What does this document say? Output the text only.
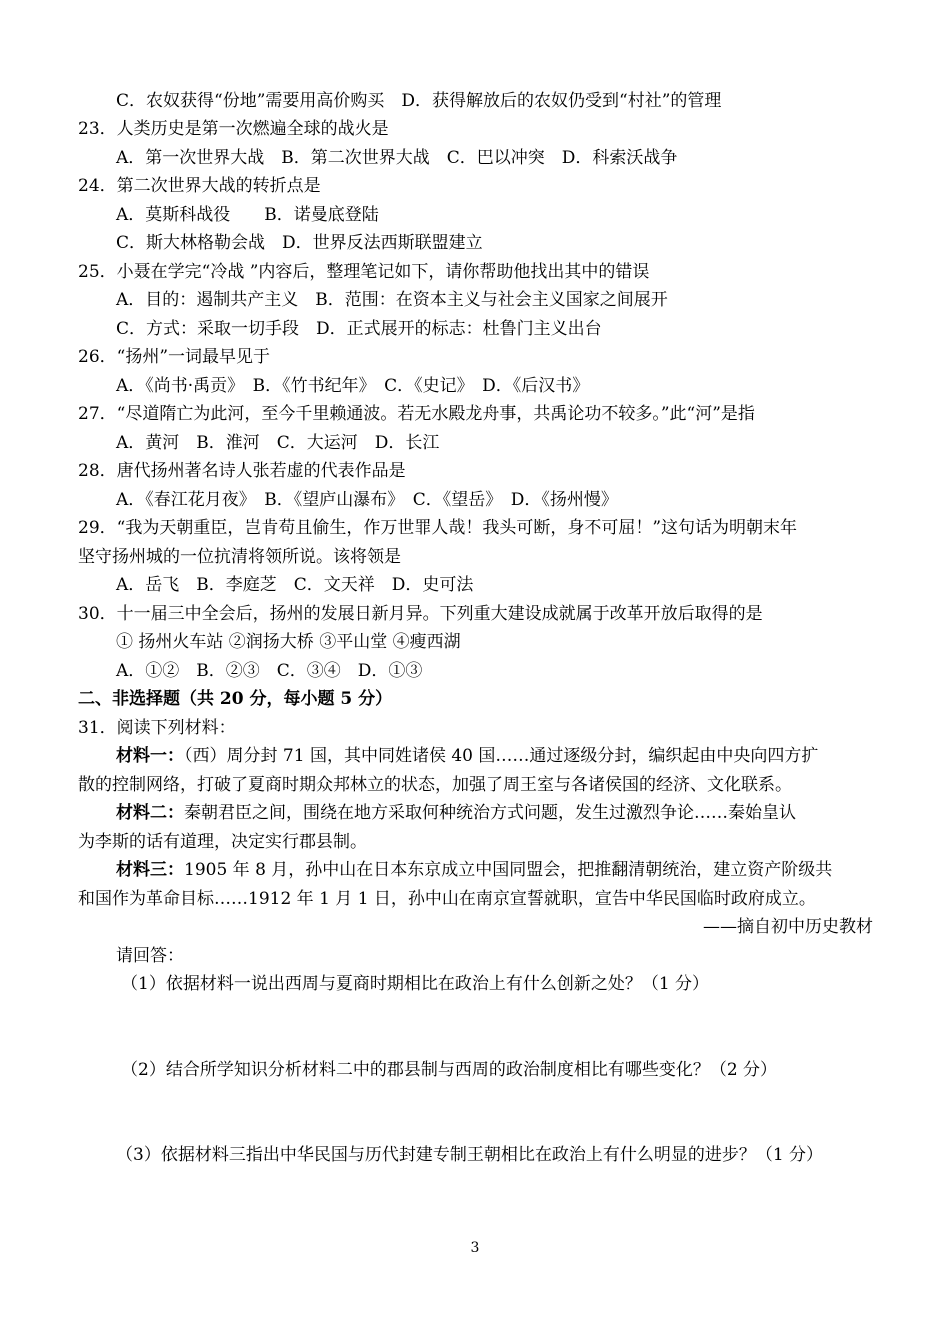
C．农奴获得“份地”需要用高价购买　D．获得解放后的农奴仍受到“村社”的管理
23．人类历史是第一次燃遍全球的战火是
A．第一次世界大战　B．第二次世界大战　C．巴以冲突　D．科索沃战争
24．第二次世界大战的转折点是
A．莫斯科战役　　B．诺曼底登陆
C．斯大林格勒会战　D．世界反法西斯联盟建立
25．小聂在学完“冷战 ”内容后，整理笔记如下，请你帮助他找出其中的错误
A．目的：遏制共产主义　B．范围：在资本主义与社会主义国家之间展开
C．方式：采取一切手段　D．正式展开的标志：杜鲁门主义出台
26．“扬州”一词最早见于
A．《尚书·禹贡》　B．《竹书纪年》　C．《史记》　D．《后汉书》
27．“尽道隋亡为此河，至今千里赖通波。若无水殿龙舟事，共禹论功不较多。”此“河”是指
A．黄河　B．淮河　C．大运河　D．长江
28．唐代扬州著名诗人张若虚的代表作品是
A．《春江花月夜》　B．《望庐山瀑布》　C．《望岳》　D．《扬州慢》
29．“我为天朝重臣，岂肯苟且偷生，作万世罪人哉！我头可断，身不可屈！”这句话为明朝末年
坚守扬州城的一位抗清将领所说。该将领是
A．岳飞　B．李庭芝　C．文天祥　D．史可法
30．十一届三中全会后，扬州的发展日新月异。下列重大建设成就属于改革开放后取得的是
① 扬州火车站 ②润扬大桥 ③平山堂 ④瘦西湖
A．①②　B．②③　C．③④　D．①③
二、非选择题（共 20 分，每小题 5 分）
31．阅读下列材料：
材料一：（西）周分封 71 国，其中同姓诸侯 40 国……通过逐级分封，编织起由中央向四方扩
散的控制网络，打破了夏商时期众邦林立的状态，加强了周王室与各诸侯国的经济、文化联系。
材料二：秦朝君臣之间，围绕在地方采取何种统治方式问题，发生过激烈争论……秦始皇认
为李斯的话有道理，决定实行郡县制。
材料三：1905 年 8 月，孙中山在日本东京成立中国同盟会，把推翻清朝统治，建立资产阶级共
和国作为革命目标……1912 年 1 月 1 日，孙中山在南京宣誓就职，宣告中华民国临时政府成立。
——摘自初中历史教材
请回答：
（1）依据材料一说出西周与夏商时期相比在政治上有什么创新之处？（1 分）
（2）结合所学知识分析材料二中的郡县制与西周的政治制度相比有哪些变化？（2 分）
（3）依据材料三指出中华民国与历代封建专制王朝相比在政治上有什么明显的进步？（1 分）
3
